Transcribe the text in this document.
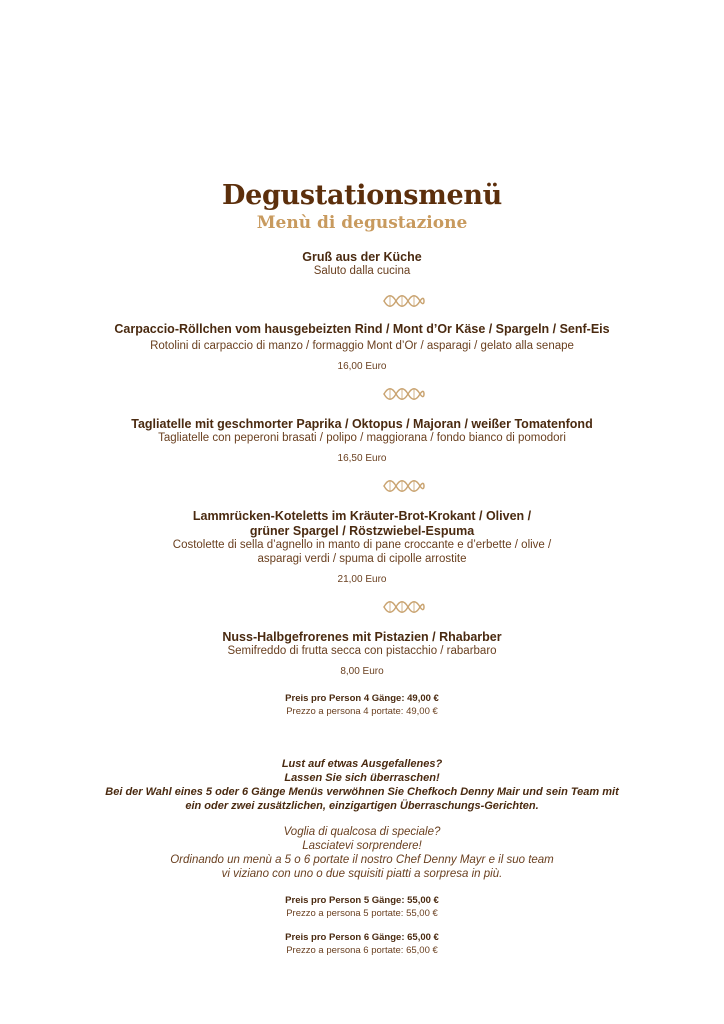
Degustationsmenü
Menù di degustazione
Gruß aus der Küche
Saluto dalla cucina
Carpaccio-Röllchen vom hausgebeizten Rind / Mont d’Or Käse / Spargeln / Senf-Eis
Rotolini di carpaccio di manzo / formaggio Mont d’Or / asparagi / gelato alla senape
16,00 Euro
Tagliatelle mit geschmorter Paprika / Oktopus / Majoran / weißer Tomatenfond
Tagliatelle con peperoni brasati / polipo / maggiorana / fondo bianco di pomodori
16,50 Euro
Lammrücken-Koteletts im Kräuter-Brot-Krokant / Oliven /
grüner Spargel / Röstzwiebel-Espuma
Costolette di sella d’agnello in manto di pane croccante e d’erbette / olive /
asparagi verdi / spuma di cipolle arrostite
21,00 Euro
Nuss-Halbgefrorenes mit Pistazien / Rhabarber
Semifreddo di frutta secca con pistacchio / rabarbaro
8,00 Euro
Preis pro Person 4 Gänge: 49,00 €
Prezzo a persona 4 portate: 49,00 €
Lust auf etwas Ausgefallenes?
Lassen Sie sich überraschen!
Bei der Wahl eines 5 oder 6 Gänge Menüs verwöhnen Sie Chefkoch Denny Mair und sein Team mit
ein oder zwei zusätzlichen, einzigartigen Überraschungs-Gerichten.
Voglia di qualcosa di speciale?
Lasciatevi sorprendere!
Ordinando un menù a 5 o 6 portate il nostro Chef Denny Mayr e il suo team
vi viziano con uno o due squisiti piatti a sorpresa in più.
Preis pro Person 5 Gänge: 55,00 €
Prezzo a persona 5 portate: 55,00 €
Preis pro Person 6 Gänge: 65,00 €
Prezzo a persona 6 portate: 65,00 €
